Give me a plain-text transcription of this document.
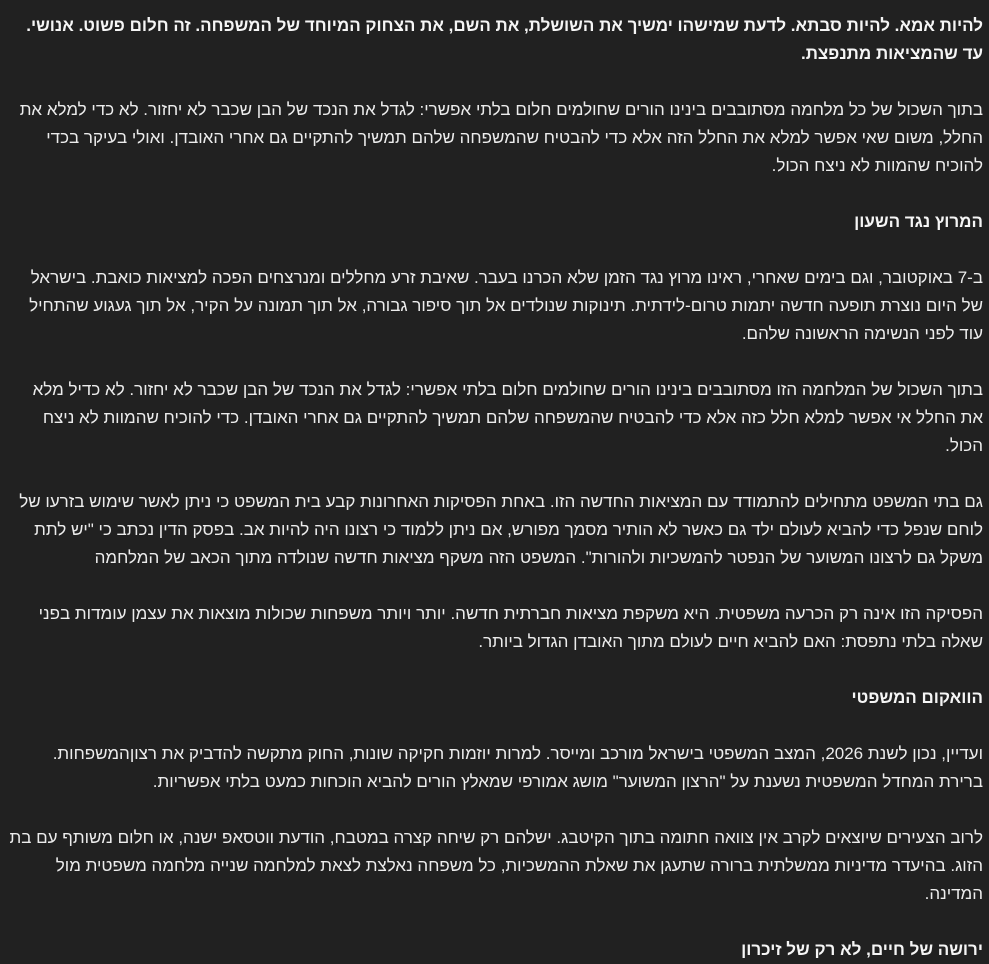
להיות אמא. להיות סבתא. לדעת שמישהו ימשיך את השושלת, את השם, את הצחוק המיוחד של המשפחה. זה חלום פשוט. אנושי. עד שהמציאות מתנפצת.

בתוך השכול של כל מלחמה מסתובבים בינינו הורים שחולמים חלום בלתי אפשרי: לגדל את הנכד של הבן שכבר לא יחזור. לא כדי למלא את החלל, משום שאי אפשר למלא את החלל הזה אלא כדי להבטיח שהמשפחה שלהם תמשיך להתקיים גם אחרי האובדן. ואולי בעיקר בכדי להוכיח שהמוות לא ניצח הכול.

המרוץ נגד השעון

ב-7 באוקטובר, וגם בימים שאחרי, ראינו מרוץ נגד הזמן שלא הכרנו בעבר. שאיבת זרע מחללים ומנרצחים הפכה למציאות כואבת. בישראל של היום נוצרת תופעה חדשה יתמות טרום-לידתית. תינוקות שנולדים אל תוך סיפור גבורה, אל תוך תמונה על הקיר, אל תוך געגוע שהתחיל עוד לפני הנשימה הראשונה שלהם.

בתוך השכול של המלחמה הזו מסתובבים בינינו הורים שחולמים חלום בלתי אפשרי: לגדל את הנכד של הבן שכבר לא יחזור. לא כדיל מלא את החלל אי אפשר למלא חלל כזה אלא כדי להבטיח שהמשפחה שלהם תמשיך להתקיים גם אחרי האובדן. כדי להוכיח שהמוות לא ניצח הכול.

גם בתי המשפט מתחילים להתמודד עם המציאות החדשה הזו. באחת הפסיקות האחרונות קבע בית המשפט כי ניתן לאשר שימוש בזרעו של לוחם שנפל כדי להביא לעולם ילד גם כאשר לא הותיר מסמך מפורש, אם ניתן ללמוד כי רצונו היה להיות אב. בפסק הדין נכתב כי "יש לתת משקל גם לרצונו המשוער של הנפטר להמשכיות ולהורות". המשפט הזה משקף מציאות חדשה שנולדה מתוך הכאב של המלחמה

הפסיקה הזו אינה רק הכרעה משפטית. היא משקפת מציאות חברתית חדשה. יותר ויותר משפחות שכולות מוצאות את עצמן עומדות בפני שאלה בלתי נתפסת: האם להביא חיים לעולם מתוך האובדן הגדול ביותר.

הוואקום המשפטי

ועדיין, נכון לשנת 2026, המצב המשפטי בישראל מורכב ומייסר. למרות יוזמות חקיקה שונות, החוק מתקשה להדביק את רצוןהמשפחות. ברירת המחדל המשפטית נשענת על "הרצון המשוער" מושג אמורפי שמאלץ הורים להביא הוכחות כמעט בלתי אפשריות.

לרוב הצעירים שיוצאים לקרב אין צוואה חתומה בתוך הקיטבג. ישלהם רק שיחה קצרה במטבח, הודעת ווטסאפ ישנה, או חלום משותף עם בת הזוג. בהיעדר מדיניות ממשלתית ברורה שתעגן את שאלת ההמשכיות, כל משפחה נאלצת לצאת למלחמה שנייה מלחמה משפטית מול המדינה.

ירושה של חיים, לא רק של זיכרון
